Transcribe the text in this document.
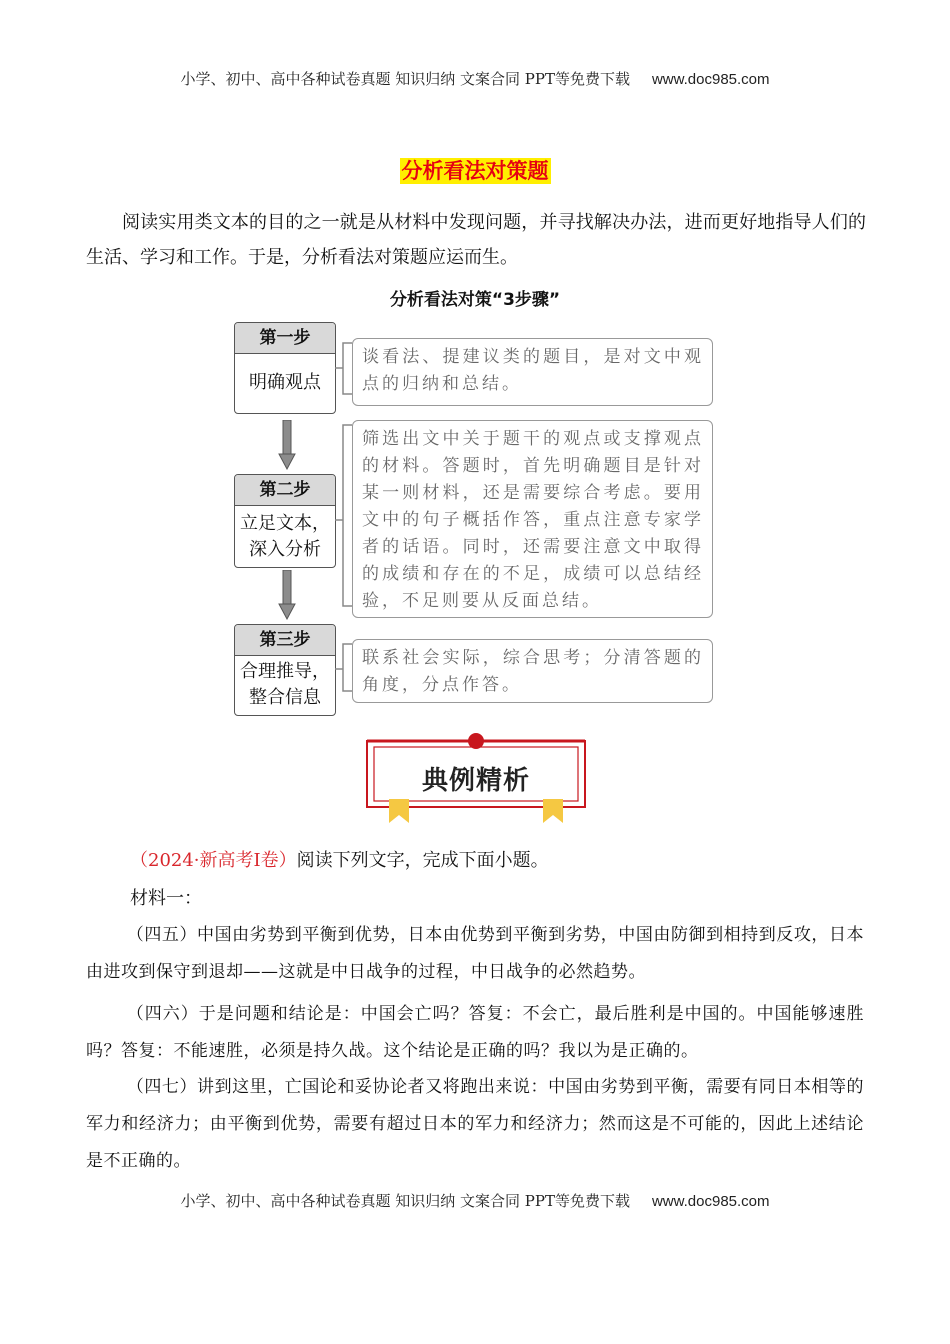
小学、初中、高中各种试卷真题 知识归纳 文案合同 PPT等免费下载 www.doc985.com
分析看法对策题

阅读实用类文本的目的之一就是从材料中发现问题，并寻找解决办法，进而更好地指导人们的生活、学习和工作。于是，分析看法对策题应运而生。

分析看法对策“3步骤”
第一步
明确观点
第二步
立足文本，深入分析
第三步
合理推导，整合信息
谈看法、提建议类的题目，是对文中观点的归纳和总结。
筛选出文中关于题干的观点或支撑观点的材料。答题时，首先明确题目是针对某一则材料，还是需要综合考虑。要用文中的句子概括作答，重点注意专家学者的话语。同时，还需要注意文中取得的成绩和存在的不足，成绩可以总结经验，不足则要从反面总结。
联系社会实际，综合思考；分清答题的角度，分点作答。
典例精析
（2024·新高考Ⅰ卷）阅读下列文字，完成下面小题。
材料一：

（四五）中国由劣势到平衡到优势，日本由优势到平衡到劣势，中国由防御到相持到反攻，日本由进攻到保守到退却——这就是中日战争的过程，中日战争的必然趋势。

（四六）于是问题和结论是：中国会亡吗？答复：不会亡，最后胜利是中国的。中国能够速胜吗？答复：不能速胜，必须是持久战。这个结论是正确的吗？我以为是正确的。

（四七）讲到这里，亡国论和妥协论者又将跑出来说：中国由劣势到平衡，需要有同日本相等的军力和经济力；由平衡到优势，需要有超过日本的军力和经济力；然而这是不可能的，因此上述结论是不正确的。

小学、初中、高中各种试卷真题 知识归纳 文案合同 PPT等免费下载 www.doc985.com
